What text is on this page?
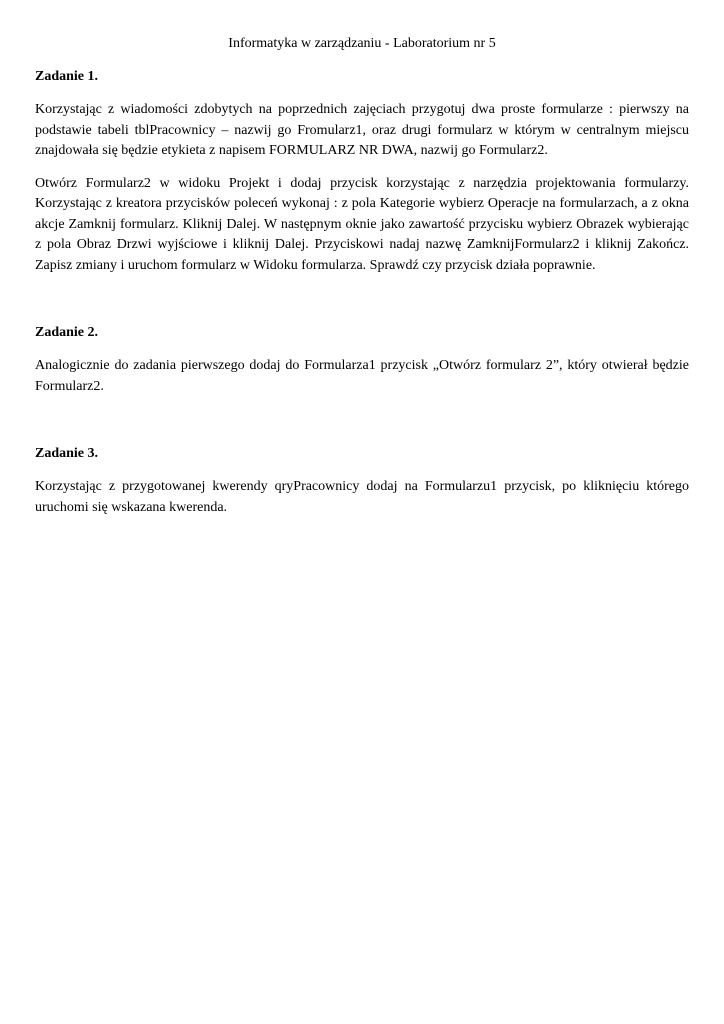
Informatyka w zarządzaniu - Laboratorium nr 5

Zadanie 1.

Korzystając z wiadomości zdobytych na poprzednich zajęciach przygotuj dwa proste formularze : pierwszy na podstawie tabeli tblPracownicy – nazwij go Fromularz1, oraz drugi formularz w którym w centralnym miejscu znajdowała się będzie etykieta z napisem FORMULARZ NR DWA, nazwij go Formularz2.

Otwórz Formularz2 w widoku Projekt i dodaj przycisk korzystając z narzędzia projektowania formularzy. Korzystając z kreatora przycisków poleceń wykonaj : z pola Kategorie wybierz Operacje na formularzach, a z okna akcje Zamknij formularz. Kliknij Dalej. W następnym oknie jako zawartość przycisku wybierz Obrazek wybierając z pola Obraz Drzwi wyjściowe i kliknij Dalej. Przyciskowi nadaj nazwę ZamknijFormularz2 i kliknij Zakończ. Zapisz zmiany i uruchom formularz w Widoku formularza. Sprawdź czy przycisk działa poprawnie.

Zadanie 2.

Analogicznie do zadania pierwszego dodaj do Formularza1 przycisk „Otwórz formularz 2”, który otwierał będzie Formularz2.

Zadanie 3.

Korzystając z przygotowanej kwerendy qryPracownicy dodaj na Formularzu1 przycisk, po kliknięciu którego uruchomi się wskazana kwerenda.
